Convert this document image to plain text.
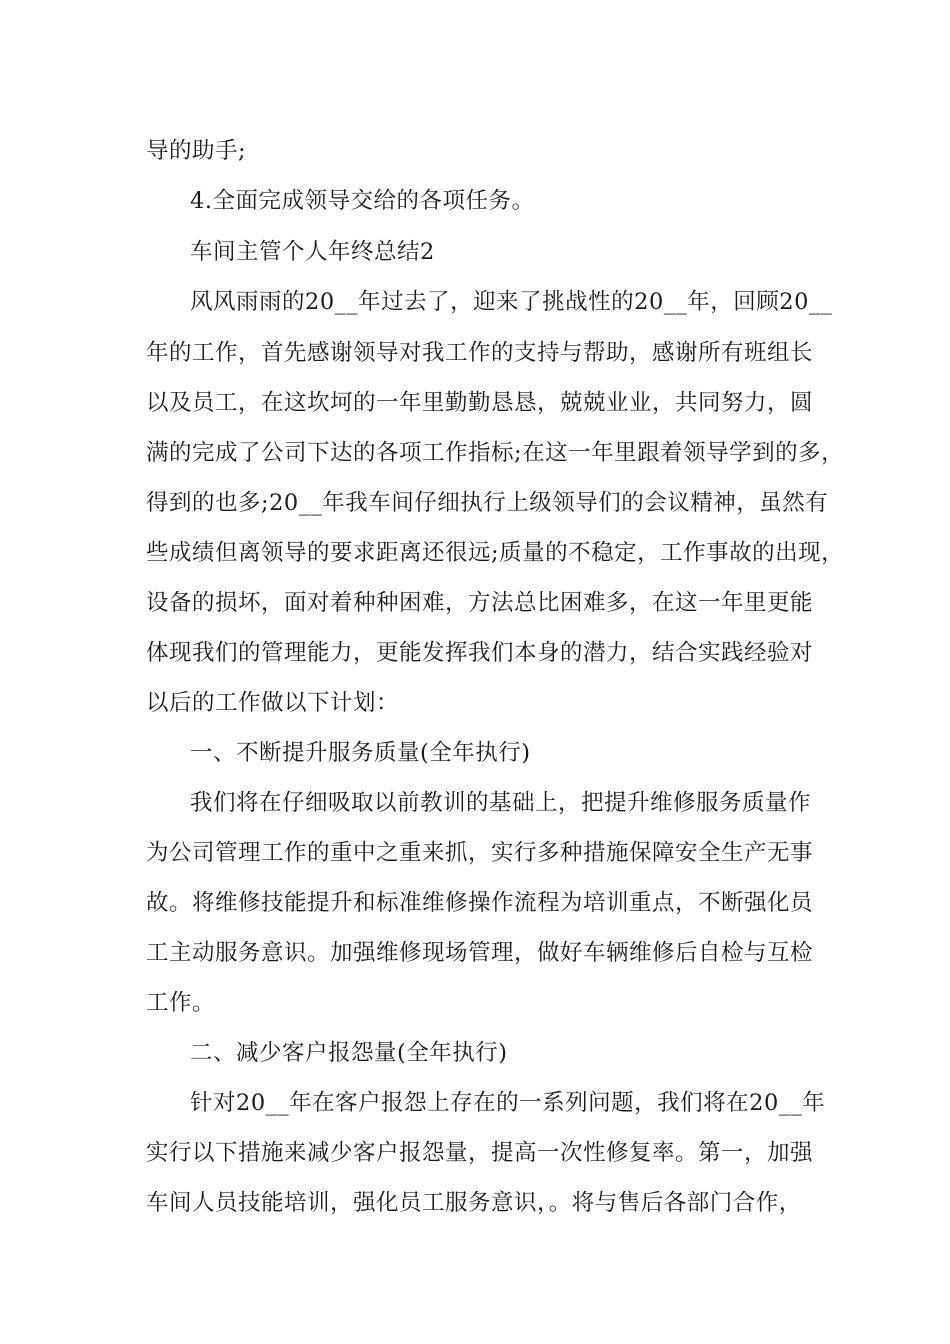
导的助手;
4.全面完成领导交给的各项任务。
车间主管个人年终总结2
风风雨雨的20__年过去了，迎来了挑战性的20__年，回顾20__
年的工作，首先感谢领导对我工作的支持与帮助，感谢所有班组长
以及员工，在这坎坷的一年里勤勤恳恳，兢兢业业，共同努力，圆
满的完成了公司下达的各项工作指标;在这一年里跟着领导学到的多，
得到的也多;20__年我车间仔细执行上级领导们的会议精神，虽然有
些成绩但离领导的要求距离还很远;质量的不稳定，工作事故的出现，
设备的损坏，面对着种种困难，方法总比困难多，在这一年里更能
体现我们的管理能力，更能发挥我们本身的潜力，结合实践经验对
以后的工作做以下计划：
一、不断提升服务质量(全年执行)
我们将在仔细吸取以前教训的基础上，把提升维修服务质量作
为公司管理工作的重中之重来抓，实行多种措施保障安全生产无事
故。将维修技能提升和标准维修操作流程为培训重点，不断强化员
工主动服务意识。加强维修现场管理，做好车辆维修后自检与互检
工作。
二、减少客户报怨量(全年执行)
针对20__年在客户报怨上存在的一系列问题，我们将在20__年
实行以下措施来减少客户报怨量，提高一次性修复率。第一，加强
车间人员技能培训，强化员工服务意识，。将与售后各部门合作，
